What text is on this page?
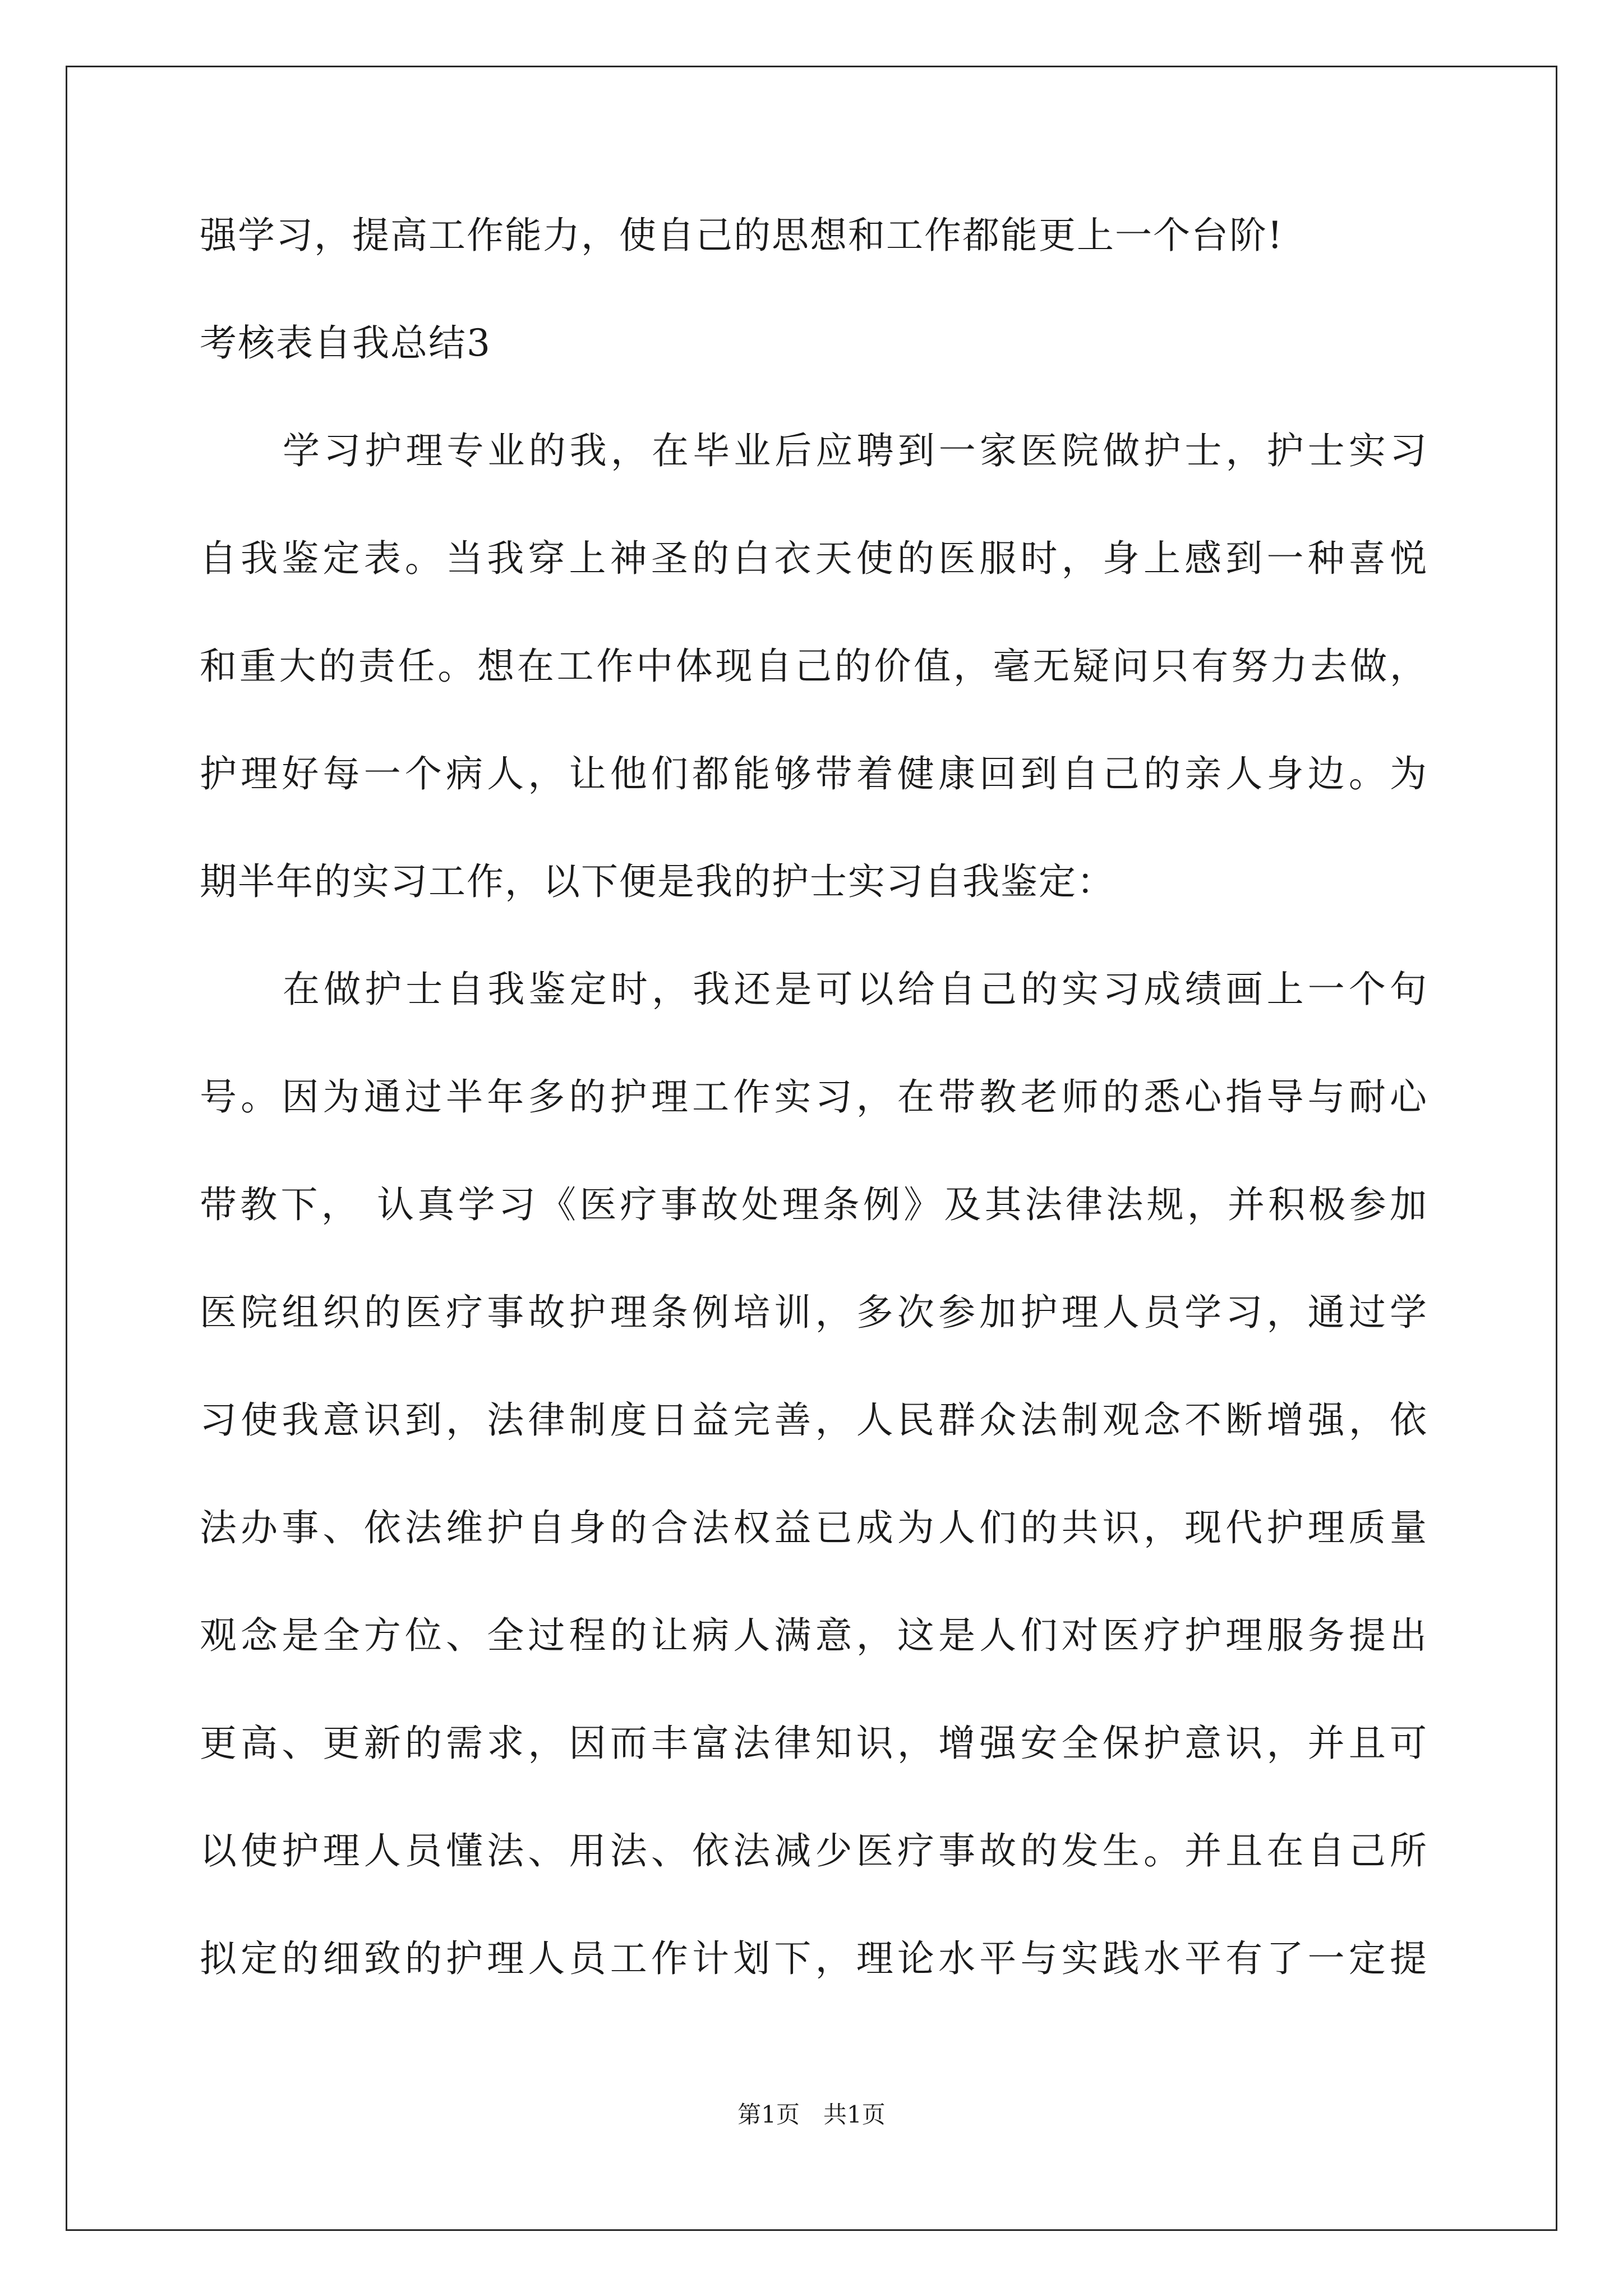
强学习，提高工作能力，使自己的思想和工作都能更上一个台阶!
考核表自我总结3
学习护理专业的我，在毕业后应聘到一家医院做护士，护士实习
自我鉴定表。当我穿上神圣的白衣天使的医服时，身上感到一种喜悦
和重大的责任。想在工作中体现自己的价值，毫无疑问只有努力去做，
护理好每一个病人，让他们都能够带着健康回到自己的亲人身边。为
期半年的实习工作，以下便是我的护士实习自我鉴定：
在做护士自我鉴定时，我还是可以给自己的实习成绩画上一个句
号。因为通过半年多的护理工作实习，在带教老师的悉心指导与耐心
带教下， 认真学习《医疗事故处理条例》及其法律法规，并积极参加
医院组织的医疗事故护理条例培训，多次参加护理人员学习，通过学
习使我意识到，法律制度日益完善，人民群众法制观念不断增强，依
法办事、依法维护自身的合法权益已成为人们的共识，现代护理质量
观念是全方位、全过程的让病人满意，这是人们对医疗护理服务提出
更高、更新的需求，因而丰富法律知识，增强安全保护意识，并且可
以使护理人员懂法、用法、依法减少医疗事故的发生。并且在自己所
拟定的细致的护理人员工作计划下，理论水平与实践水平有了一定提
第1页　共1页
